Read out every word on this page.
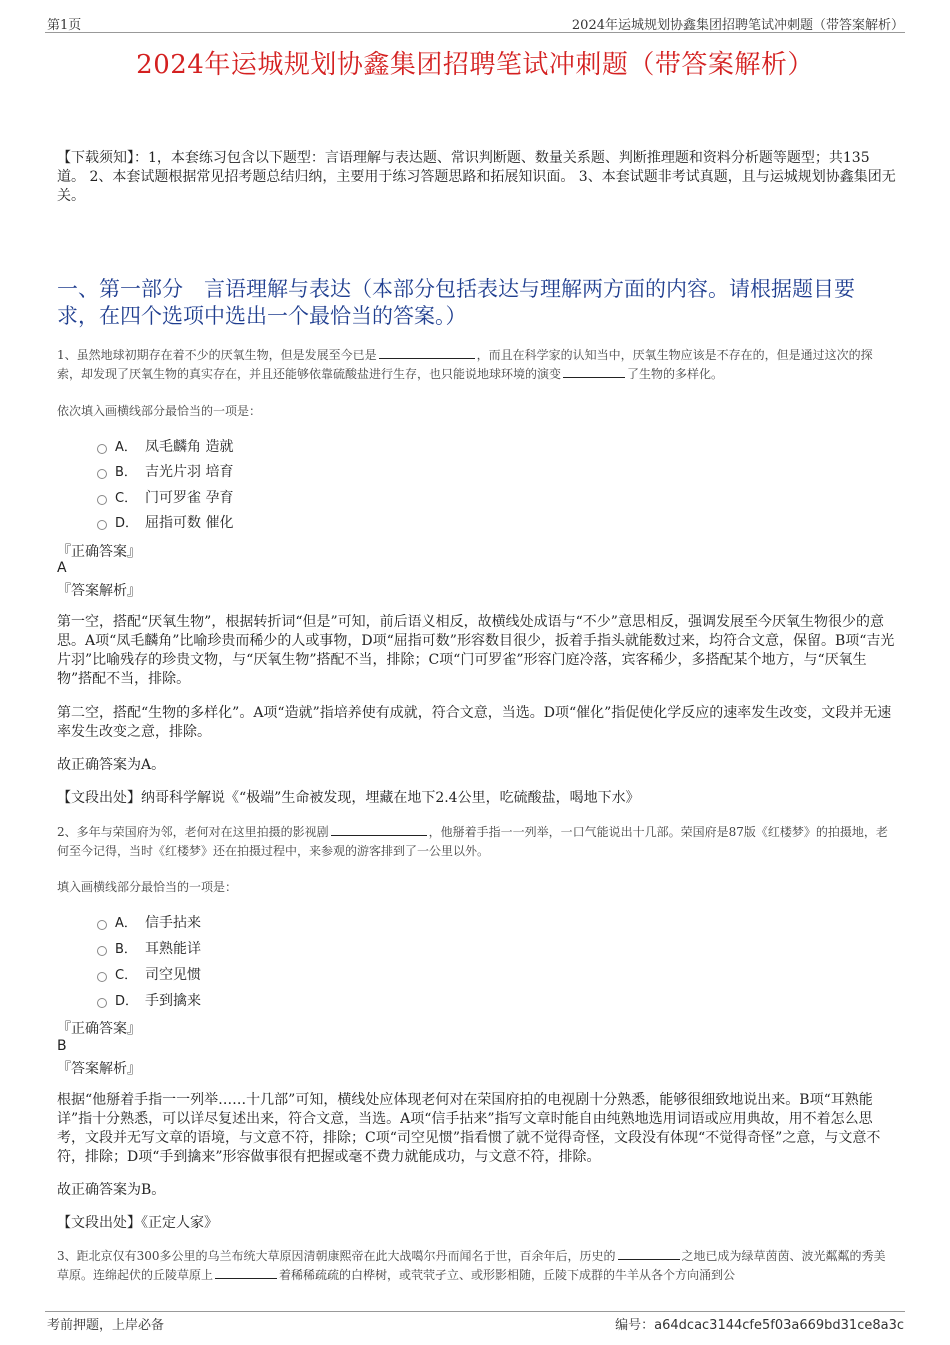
第1页	2024年运城规划协鑫集团招聘笔试冲刺题（带答案解析）
2024年运城规划协鑫集团招聘笔试冲刺题（带答案解析）
【下载须知】：1，本套练习包含以下题型：言语理解与表达题、常识判断题、数量关系题、判断推理题和资料分析题等题型；共135道。 2、本套试题根据常见招考题总结归纳，主要用于练习答题思路和拓展知识面。 3、本套试题非考试真题，且与运城规划协鑫集团无关。
一、第一部分　言语理解与表达（本部分包括表达与理解两方面的内容。请根据题目要求，在四个选项中选出一个最恰当的答案。）
1、虽然地球初期存在着不少的厌氧生物，但是发展至今已是	，而且在科学家的认知当中，厌氧生物应该是不存在的，但是通过这次的探索，却发现了厌氧生物的真实存在，并且还能够依靠硫酸盐进行生存，也只能说地球环境的演变	了生物的多样化。
依次填入画横线部分最恰当的一项是：
A． 凤毛麟角 造就
B． 吉光片羽 培育
C． 门可罗雀 孕育
D． 屈指可数 催化
『正确答案』
A
『答案解析』
第一空，搭配“厌氧生物”，根据转折词“但是”可知，前后语义相反，故横线处成语与“不少”意思相反，强调发展至今厌氧生物很少的意思。A项“凤毛麟角”比喻珍贵而稀少的人或事物，D项“屈指可数”形容数目很少，扳着手指头就能数过来，均符合文意，保留。B项“吉光片羽”比喻残存的珍贵文物，与“厌氧生物”搭配不当，排除；C项“门可罗雀”形容门庭冷落，宾客稀少，多搭配某个地方，与“厌氧生物”搭配不当，排除。
第二空，搭配“生物的多样化”。A项“造就”指培养使有成就，符合文意，当选。D项“催化”指促使化学反应的速率发生改变，文段并无速率发生改变之意，排除。
故正确答案为A。
【文段出处】纳哥科学解说《“极端”生命被发现，埋藏在地下2.4公里，吃硫酸盐，喝地下水》
2、多年与荣国府为邻，老何对在这里拍摄的影视剧	，他掰着手指一一列举，一口气能说出十几部。荣国府是87版《红楼梦》的拍摄地，老何至今记得，当时《红楼梦》还在拍摄过程中，来参观的游客排到了一公里以外。
填入画横线部分最恰当的一项是：
A． 信手拈来
B． 耳熟能详
C． 司空见惯
D． 手到擒来
『正确答案』
B
『答案解析』
根据“他掰着手指一一列举……十几部”可知，横线处应体现老何对在荣国府拍的电视剧十分熟悉，能够很细致地说出来。B项“耳熟能详”指十分熟悉，可以详尽复述出来，符合文意，当选。A项“信手拈来”指写文章时能自由纯熟地选用词语或应用典故，用不着怎么思考，文段并无写文章的语境，与文意不符，排除；C项“司空见惯”指看惯了就不觉得奇怪，文段没有体现“不觉得奇怪”之意，与文意不符，排除；D项“手到擒来”形容做事很有把握或毫不费力就能成功，与文意不符，排除。
故正确答案为B。
【文段出处】《正定人家》
3、距北京仅有300多公里的乌兰布统大草原因清朝康熙帝在此大战噶尔丹而闻名于世，百余年后，历史的	之地已成为绿草茵茵、波光粼粼的秀美草原。连绵起伏的丘陵草原上	着稀稀疏疏的白桦树，或茕茕孑立、或形影相随，丘陵下成群的牛羊从各个方向涌到公
考前押题，上岸必备	编号：a64dcac3144cfe5f03a669bd31ce8a3c
